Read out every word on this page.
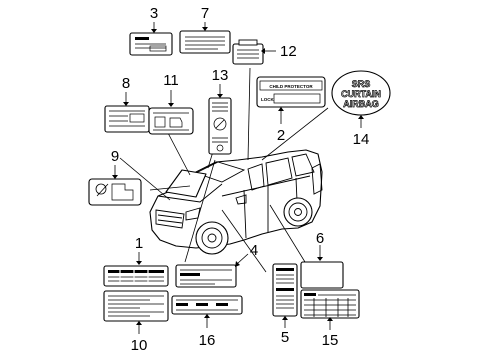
3	7
12
8 11 13
CHILD PROTECTOR
LOCK
2
SRS
CURTAIN
AIRBAG
14
9
1
10
4
16	5
6
15
